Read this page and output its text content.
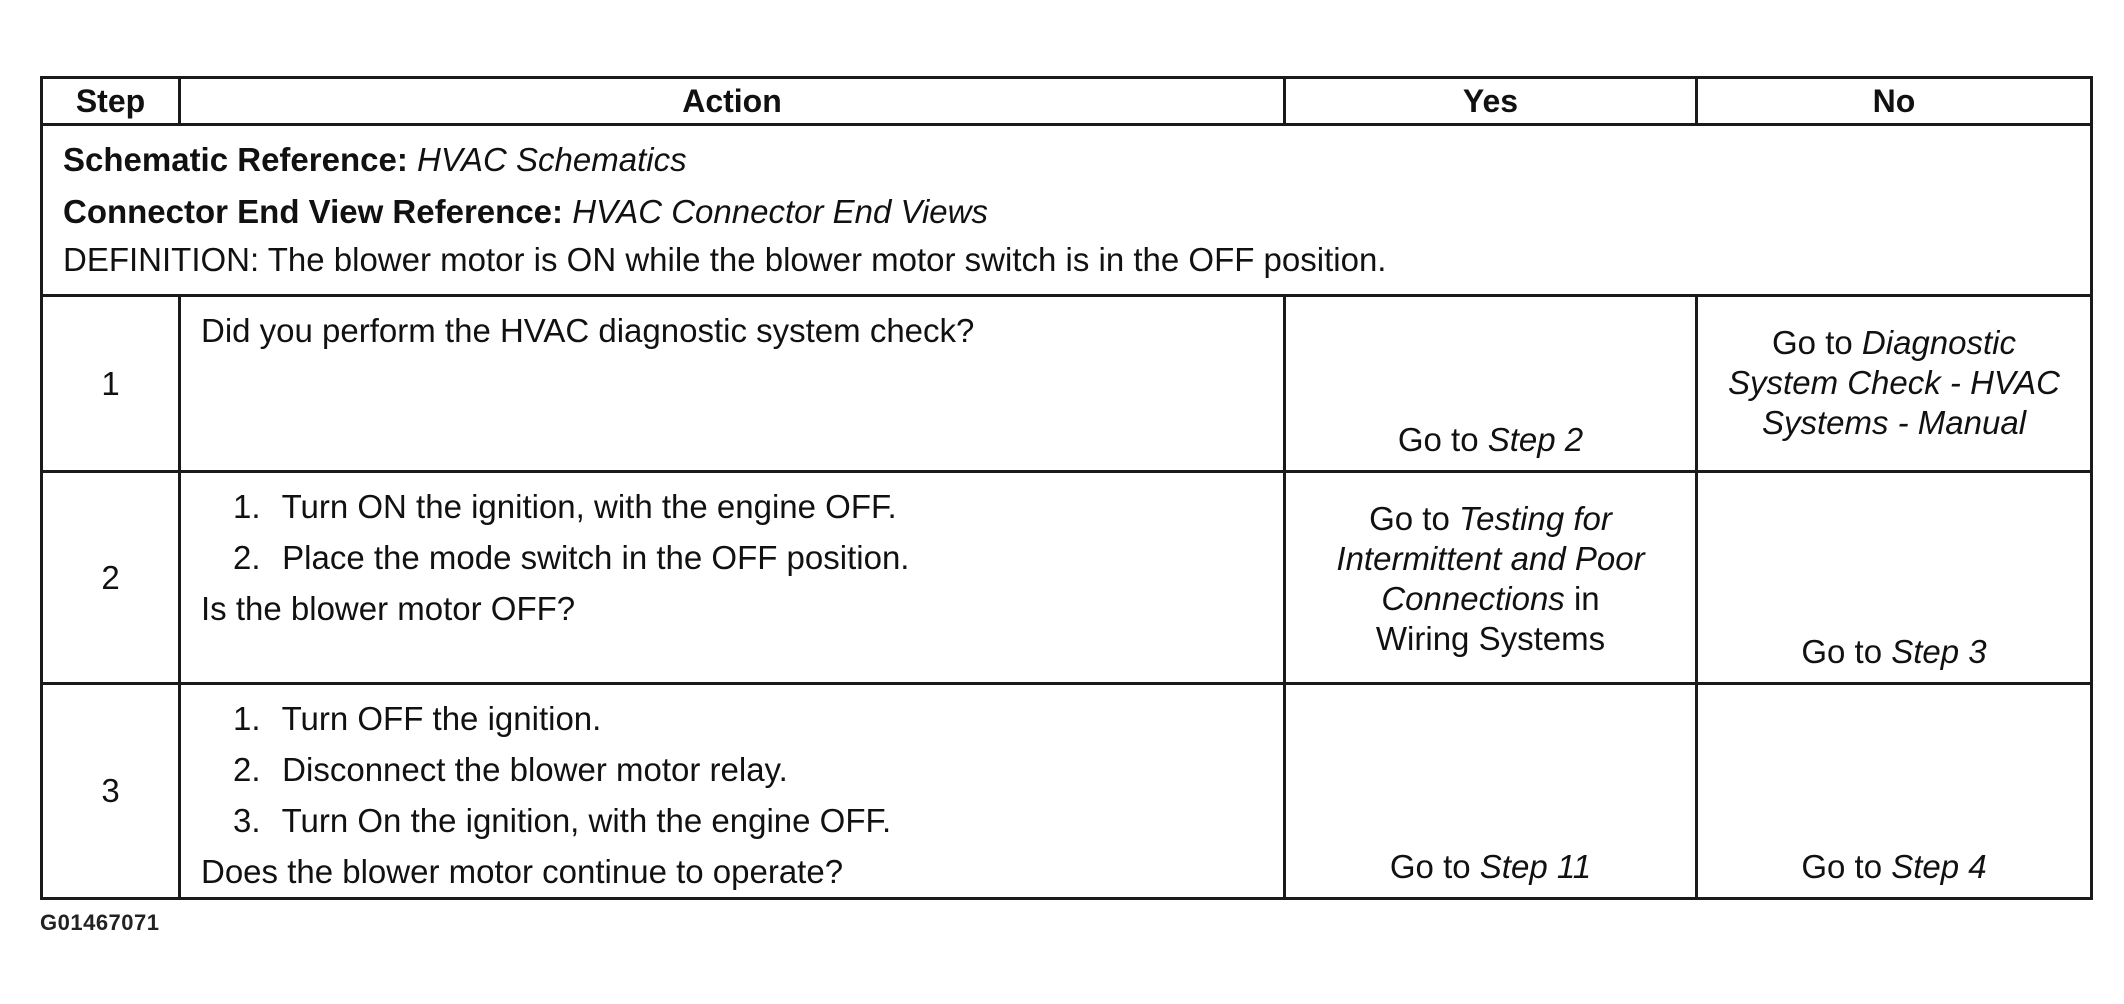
Step	Action	Yes	No

Schematic Reference: HVAC Schematics
Connector End View Reference: HVAC Connector End Views
DEFINITION: The blower motor is ON while the blower motor switch is in the OFF position.			

1	Did you perform the HVAC diagnostic system check?	Go to Step 2	Go to Diagnostic
System Check - HVAC
Systems - Manual
2	1. Turn ON the ignition, with the engine OFF.
2. Place the mode switch in the OFF position.
Is the blower motor OFF?	Go to Testing for
Intermittent and Poor
Connections in
Wiring Systems	Go to Step 3
3	1. Turn OFF the ignition.
2. Disconnect the blower motor relay.
3. Turn On the ignition, with the engine OFF.
Does the blower motor continue to operate?	Go to Step 11	Go to Step 4
G01467071
